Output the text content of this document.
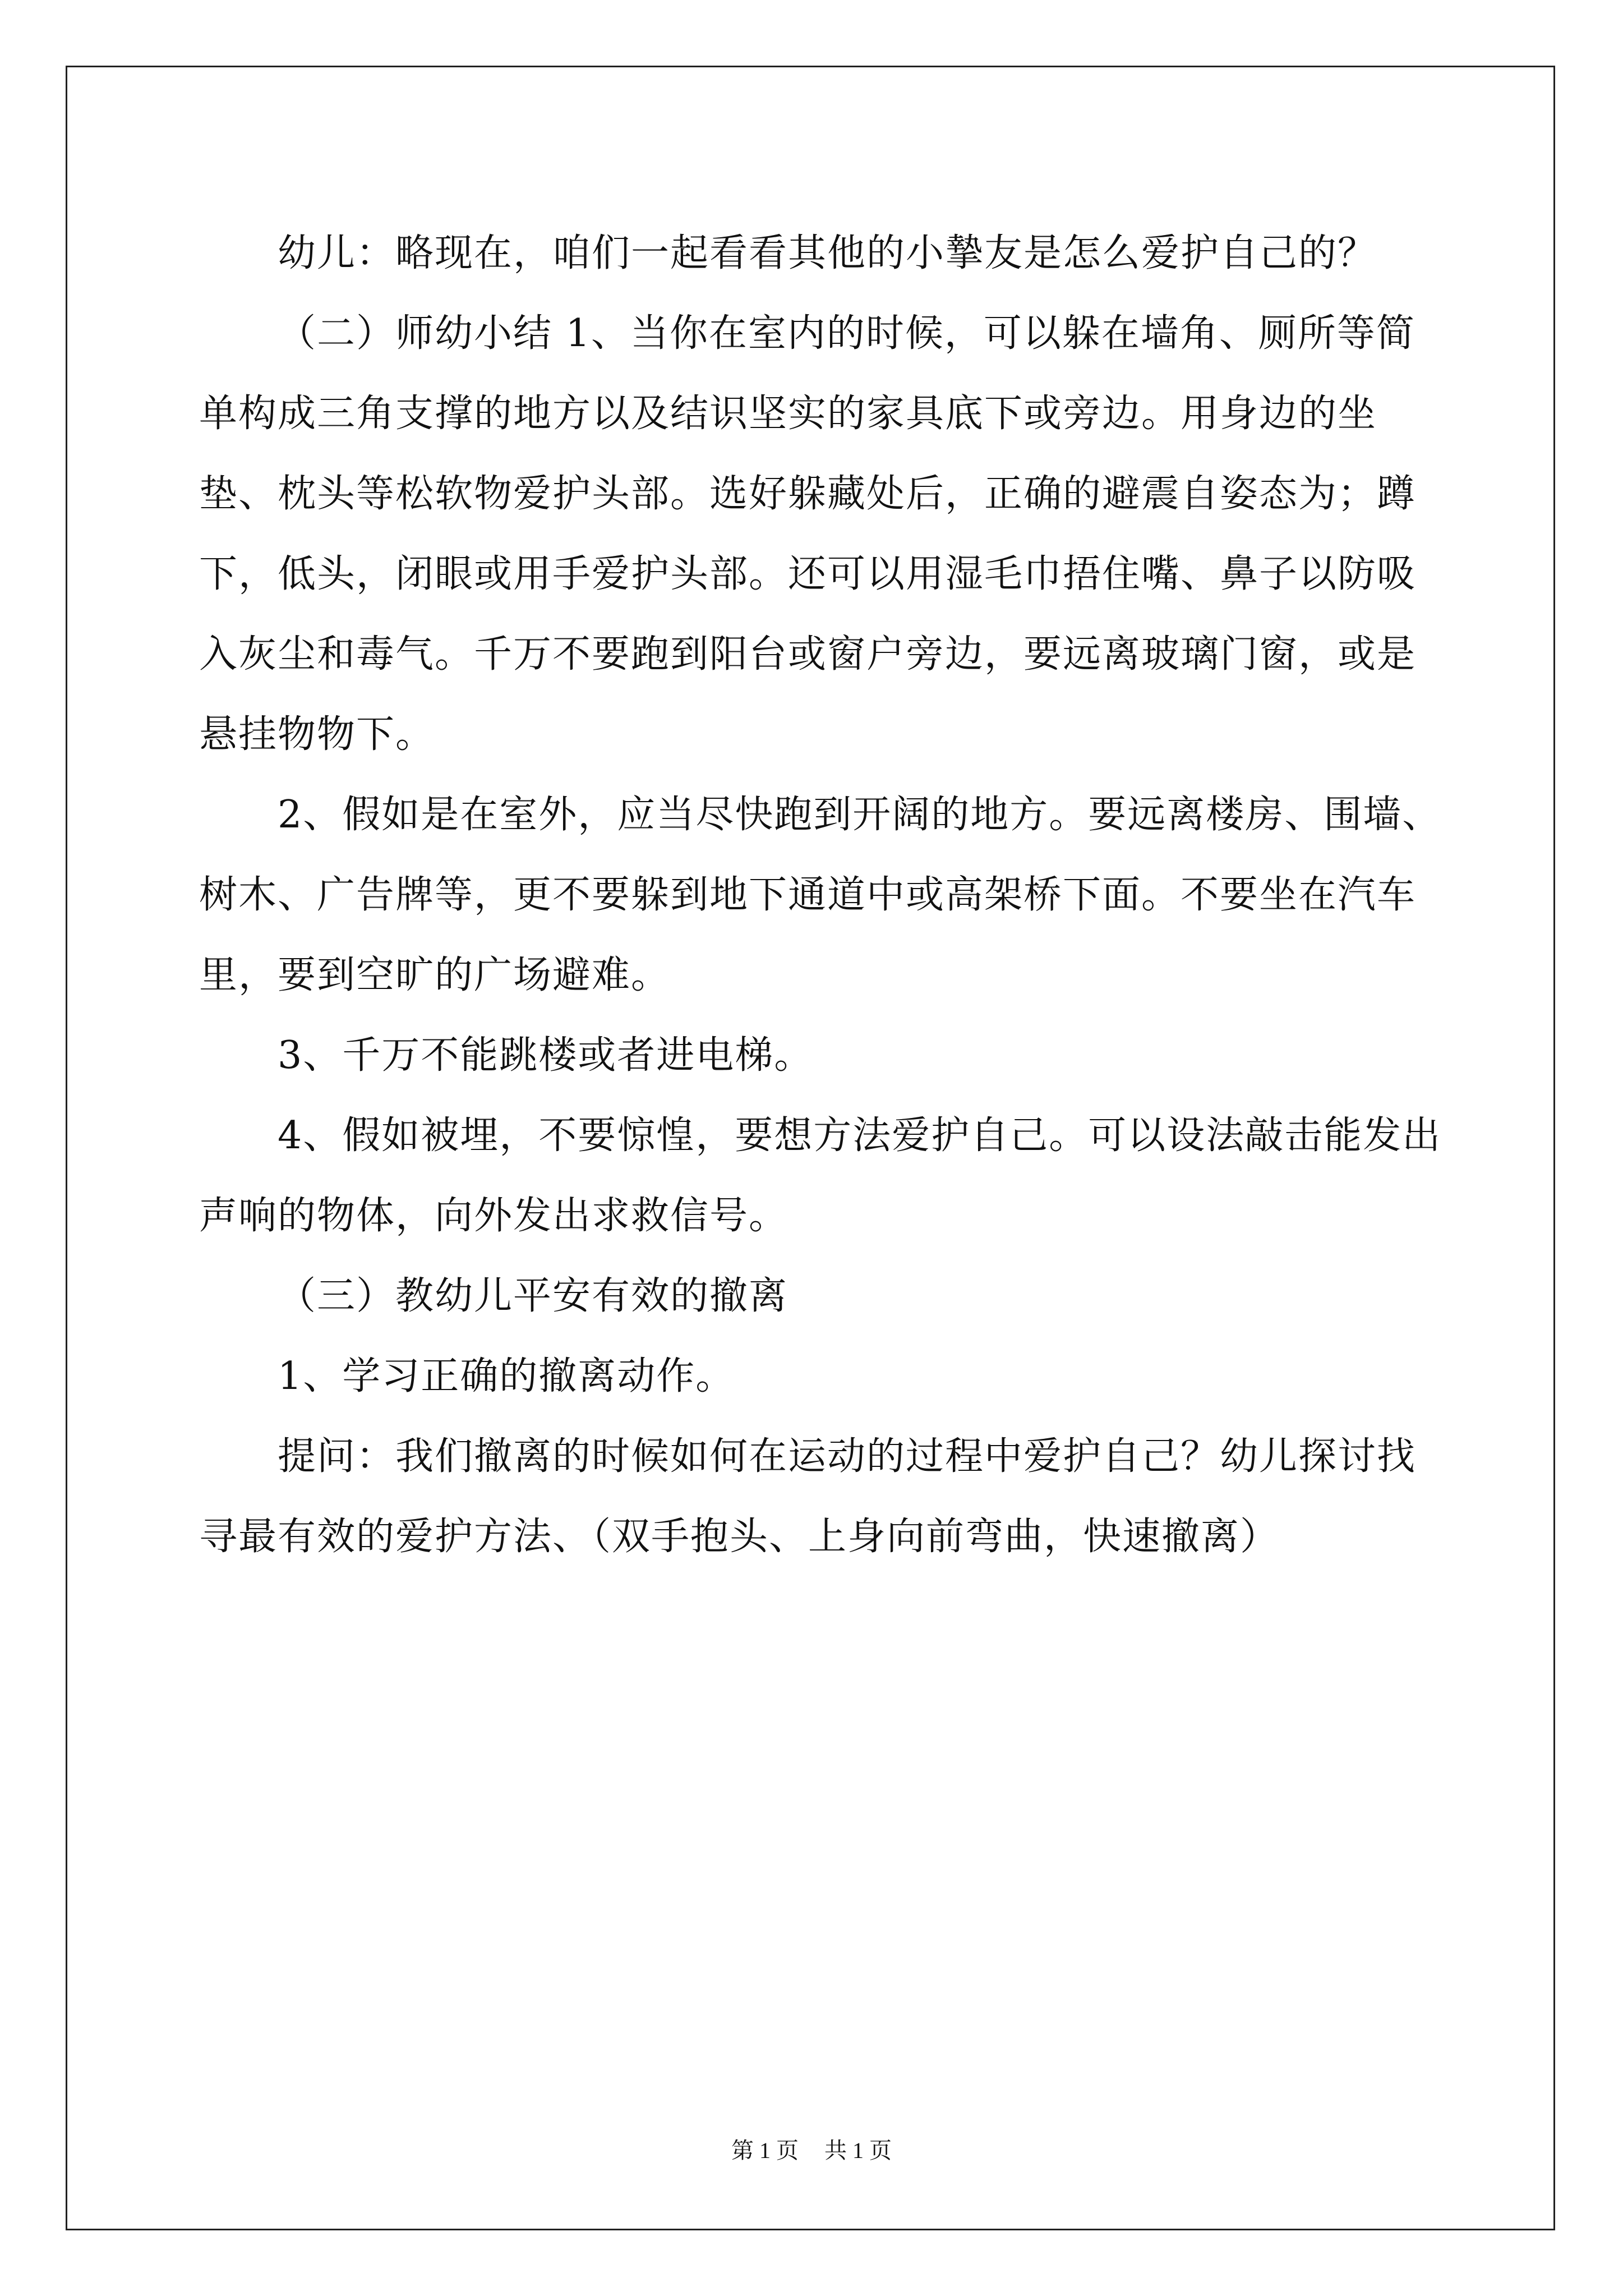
幼儿：略现在，咱们一起看看其他的小摯友是怎么爱护自己的？

（二）师幼小结 1、当你在室内的时候，可以躲在墙角、厕所等简单构成三角支撑的地方以及结识坚实的家具底下或旁边。用身边的坐垫、枕头等松软物爱护头部。选好躲藏处后，正确的避震自姿态为；蹲下，低头，闭眼或用手爱护头部。还可以用湿毛巾捂住嘴、鼻子以防吸入灰尘和毒气。千万不要跑到阳台或窗户旁边，要远离玻璃门窗，或是悬挂物物下。

2、假如是在室外，应当尽快跑到开阔的地方。要远离楼房、围墙、树木、广告牌等，更不要躲到地下通道中或高架桥下面。不要坐在汽车里，要到空旷的广场避难。

3、千万不能跳楼或者进电梯。

4、假如被埋，不要惊惶，要想方法爱护自己。可以设法敲击能发出声响的物体，向外发出求救信号。

（三）教幼儿平安有效的撤离

1、学习正确的撤离动作。

提问：我们撤离的时候如何在运动的过程中爱护自己？幼儿探讨找寻最有效的爱护方法、（双手抱头、上身向前弯曲，快速撤离）

第 1 页 共 1 页
